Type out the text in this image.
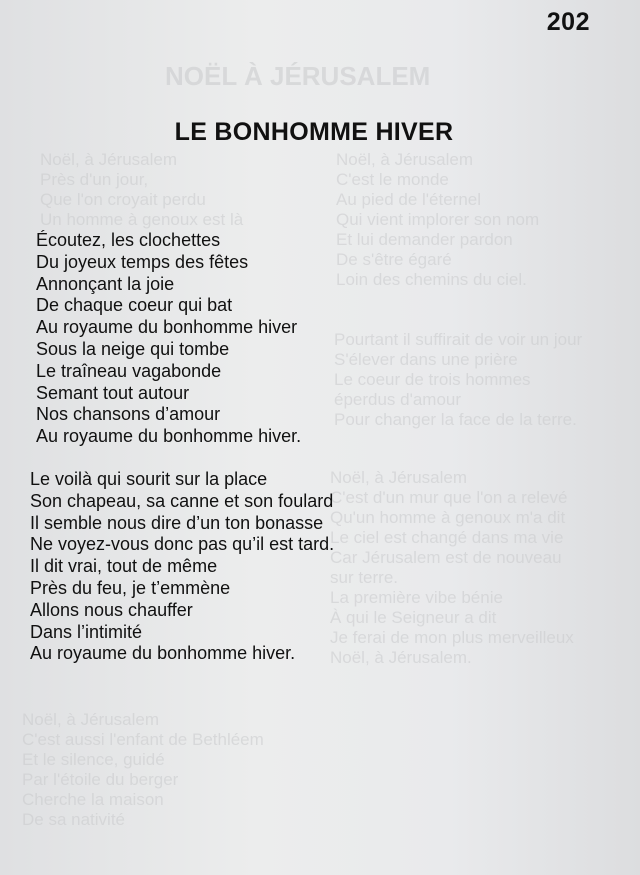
NOËL À JÉRUSALEM
Noël, à Jérusalem
Près d'un jour,
Que l'on croyait perdu
Un homme à genoux est là
Noël, à Jérusalem
C'est le monde
Au pied de l'éternel
Qui vient implorer son nom
Et lui demander pardon
De s'être égaré
Loin des chemins du ciel.
Pourtant il suffirait de voir un jour
S'élever dans une prière
Le coeur de trois hommes
éperdus d'amour
Pour changer la face de la terre.
Noël, à Jérusalem
C'est d'un mur que l'on a relevé
Qu'un homme à genoux m'a dit
Le ciel est changé dans ma vie
Car Jérusalem est de nouveau
sur terre.
La première vibe bénie
À qui le Seigneur a dit
Je ferai de mon plus merveilleux
Noël, à Jérusalem.
Noël, à Jérusalem
C'est aussi l'enfant de Bethléem
Et le silence, guidé
Par l'étoile du berger
Cherche la maison
De sa nativité
202
LE BONHOMME HIVER
Écoutez, les clochettes
Du joyeux temps des fêtes
Annonçant la joie
De chaque coeur qui bat
Au royaume du bonhomme hiver
Sous la neige qui tombe
Le traîneau vagabonde
Semant tout autour
Nos chansons d’amour
Au royaume du bonhomme hiver.
Le voilà qui sourit sur la place
Son chapeau, sa canne et son foulard
Il semble nous dire d’un ton bonasse
Ne voyez-vous donc pas qu’il est tard.
Il dit vrai, tout de même
Près du feu, je t’emmène
Allons nous chauffer
Dans l’intimité
Au royaume du bonhomme hiver.
